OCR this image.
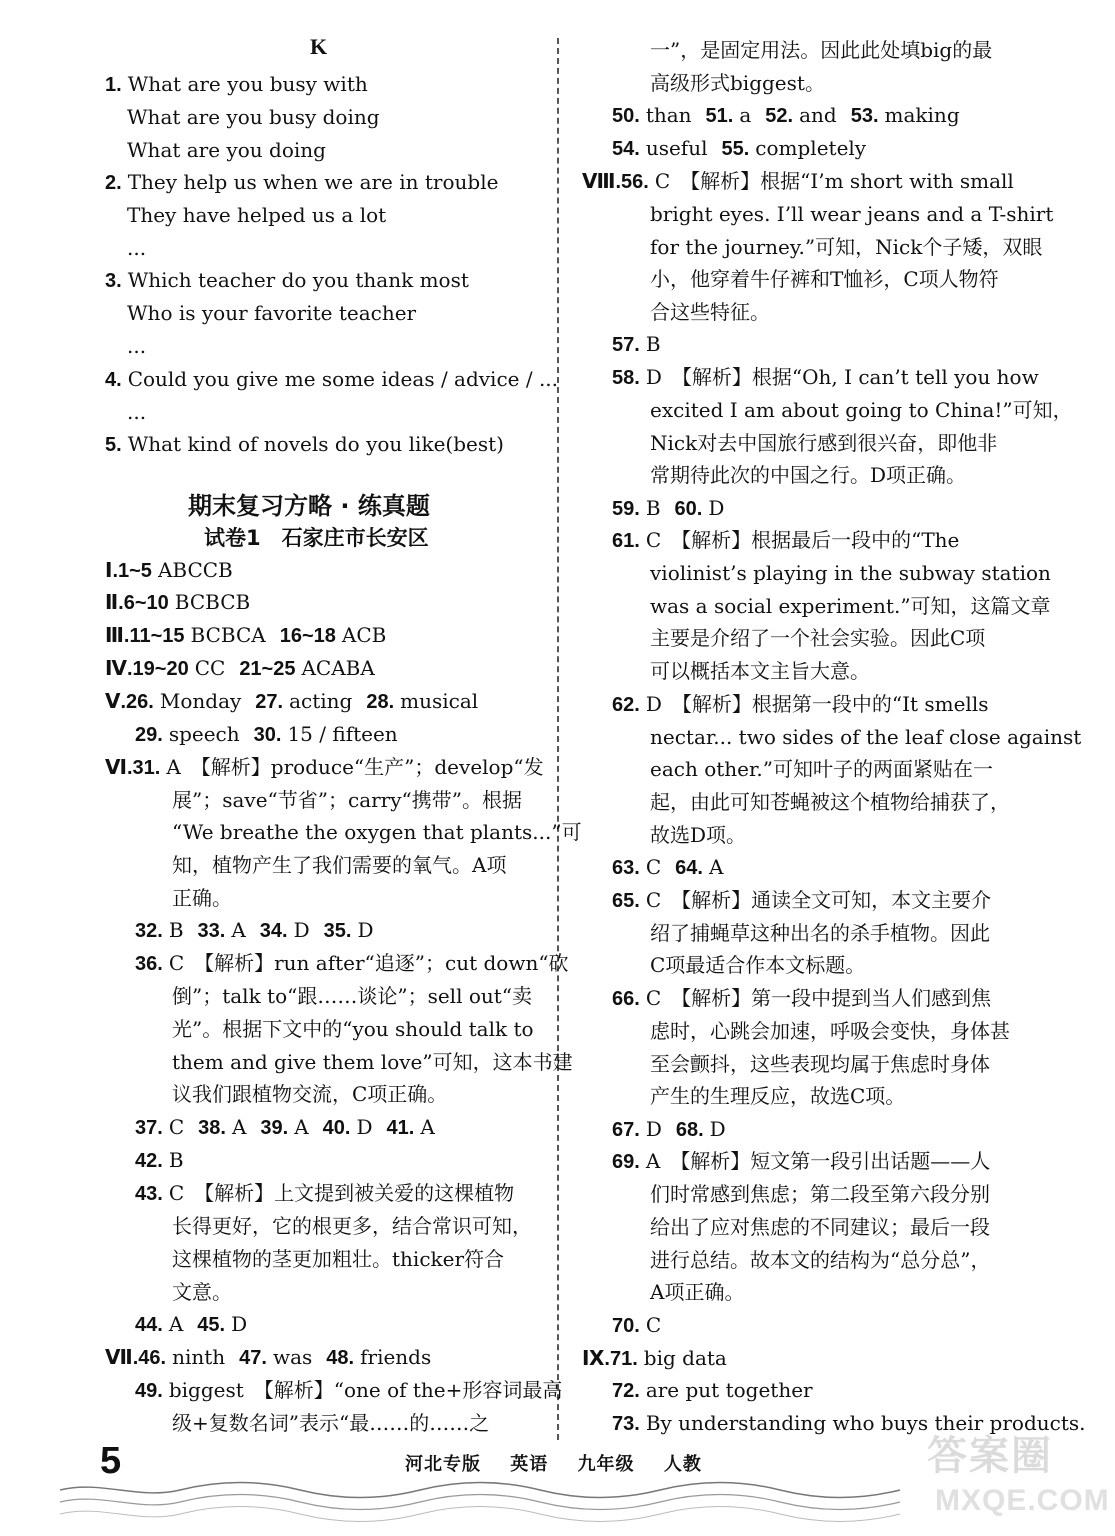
K
1. What are you busy with
What are you busy doing
What are you doing
2. They help us when we are in trouble
They have helped us a lot
...
3. Which teacher do you thank most
Who is your favorite teacher
...
4. Could you give me some ideas / advice / ...
...
5. What kind of novels do you like(best)
期末复习方略 · 练真题
试卷1　石家庄市长安区
Ⅰ.1~5 ABCCB
Ⅱ.6~10 BCBCB
Ⅲ.11~15 BCBCA 16~18 ACB
Ⅳ.19~20 CC 21~25 ACABA
Ⅴ.26. Monday 27. acting 28. musical
29. speech 30. 15 / fifteen
Ⅵ.31. A　【解析】produce“生产”；develop“发
展”；save“节省”；carry“携带”。根据
“We breathe the oxygen that plants...”可
知，植物产生了我们需要的氧气。A项
正确。
32. B 33. A 34. D 35. D
36. C　【解析】run after“追逐”；cut down“砍
倒”；talk to“跟……谈论”；sell out“卖
光”。根据下文中的“you should talk to
them and give them love”可知，这本书建
议我们跟植物交流，C项正确。
37. C 38. A 39. A 40. D 41. A
42. B
43. C　【解析】上文提到被关爱的这棵植物
长得更好，它的根更多，结合常识可知，
这棵植物的茎更加粗壮。thicker符合
文意。
44. A 45. D
Ⅶ.46. ninth 47. was 48. friends
49. biggest　【解析】“one of the+形容词最高
级+复数名词”表示“最……的……之
一”，是固定用法。因此此处填big的最
高级形式biggest。
50. than 51. a 52. and 53. making
54. useful 55. completely
Ⅷ.56. C　【解析】根据“I’m short with small
bright eyes. I’ll wear jeans and a T-shirt
for the journey.”可知，Nick个子矮，双眼
小，他穿着牛仔裤和T恤衫，C项人物符
合这些特征。
57. B
58. D　【解析】根据“Oh, I can’t tell you how
excited I am about going to China!”可知，
Nick对去中国旅行感到很兴奋，即他非
常期待此次的中国之行。D项正确。
59. B 60. D
61. C　【解析】根据最后一段中的“The
violinist’s playing in the subway station
was a social experiment.”可知，这篇文章
主要是介绍了一个社会实验。因此C项
可以概括本文主旨大意。
62. D　【解析】根据第一段中的“It smells
nectar... two sides of the leaf close against
each other.”可知叶子的两面紧贴在一
起，由此可知苍蝇被这个植物给捕获了，
故选D项。
63. C 64. A
65. C　【解析】通读全文可知，本文主要介
绍了捕蝇草这种出名的杀手植物。因此
C项最适合作本文标题。
66. C　【解析】第一段中提到当人们感到焦
虑时，心跳会加速，呼吸会变快，身体甚
至会颤抖，这些表现均属于焦虑时身体
产生的生理反应，故选C项。
67. D 68. D
69. A　【解析】短文第一段引出话题——人
们时常感到焦虑；第二段至第六段分别
给出了应对焦虑的不同建议；最后一段
进行总结。故本文的结构为“总分总”，
A项正确。
70. C
Ⅸ.71. big data
72. are put together
73. By understanding who buys their products.
5	河北专版 英语 九年级 人教	答案圈
MXQE.COM
